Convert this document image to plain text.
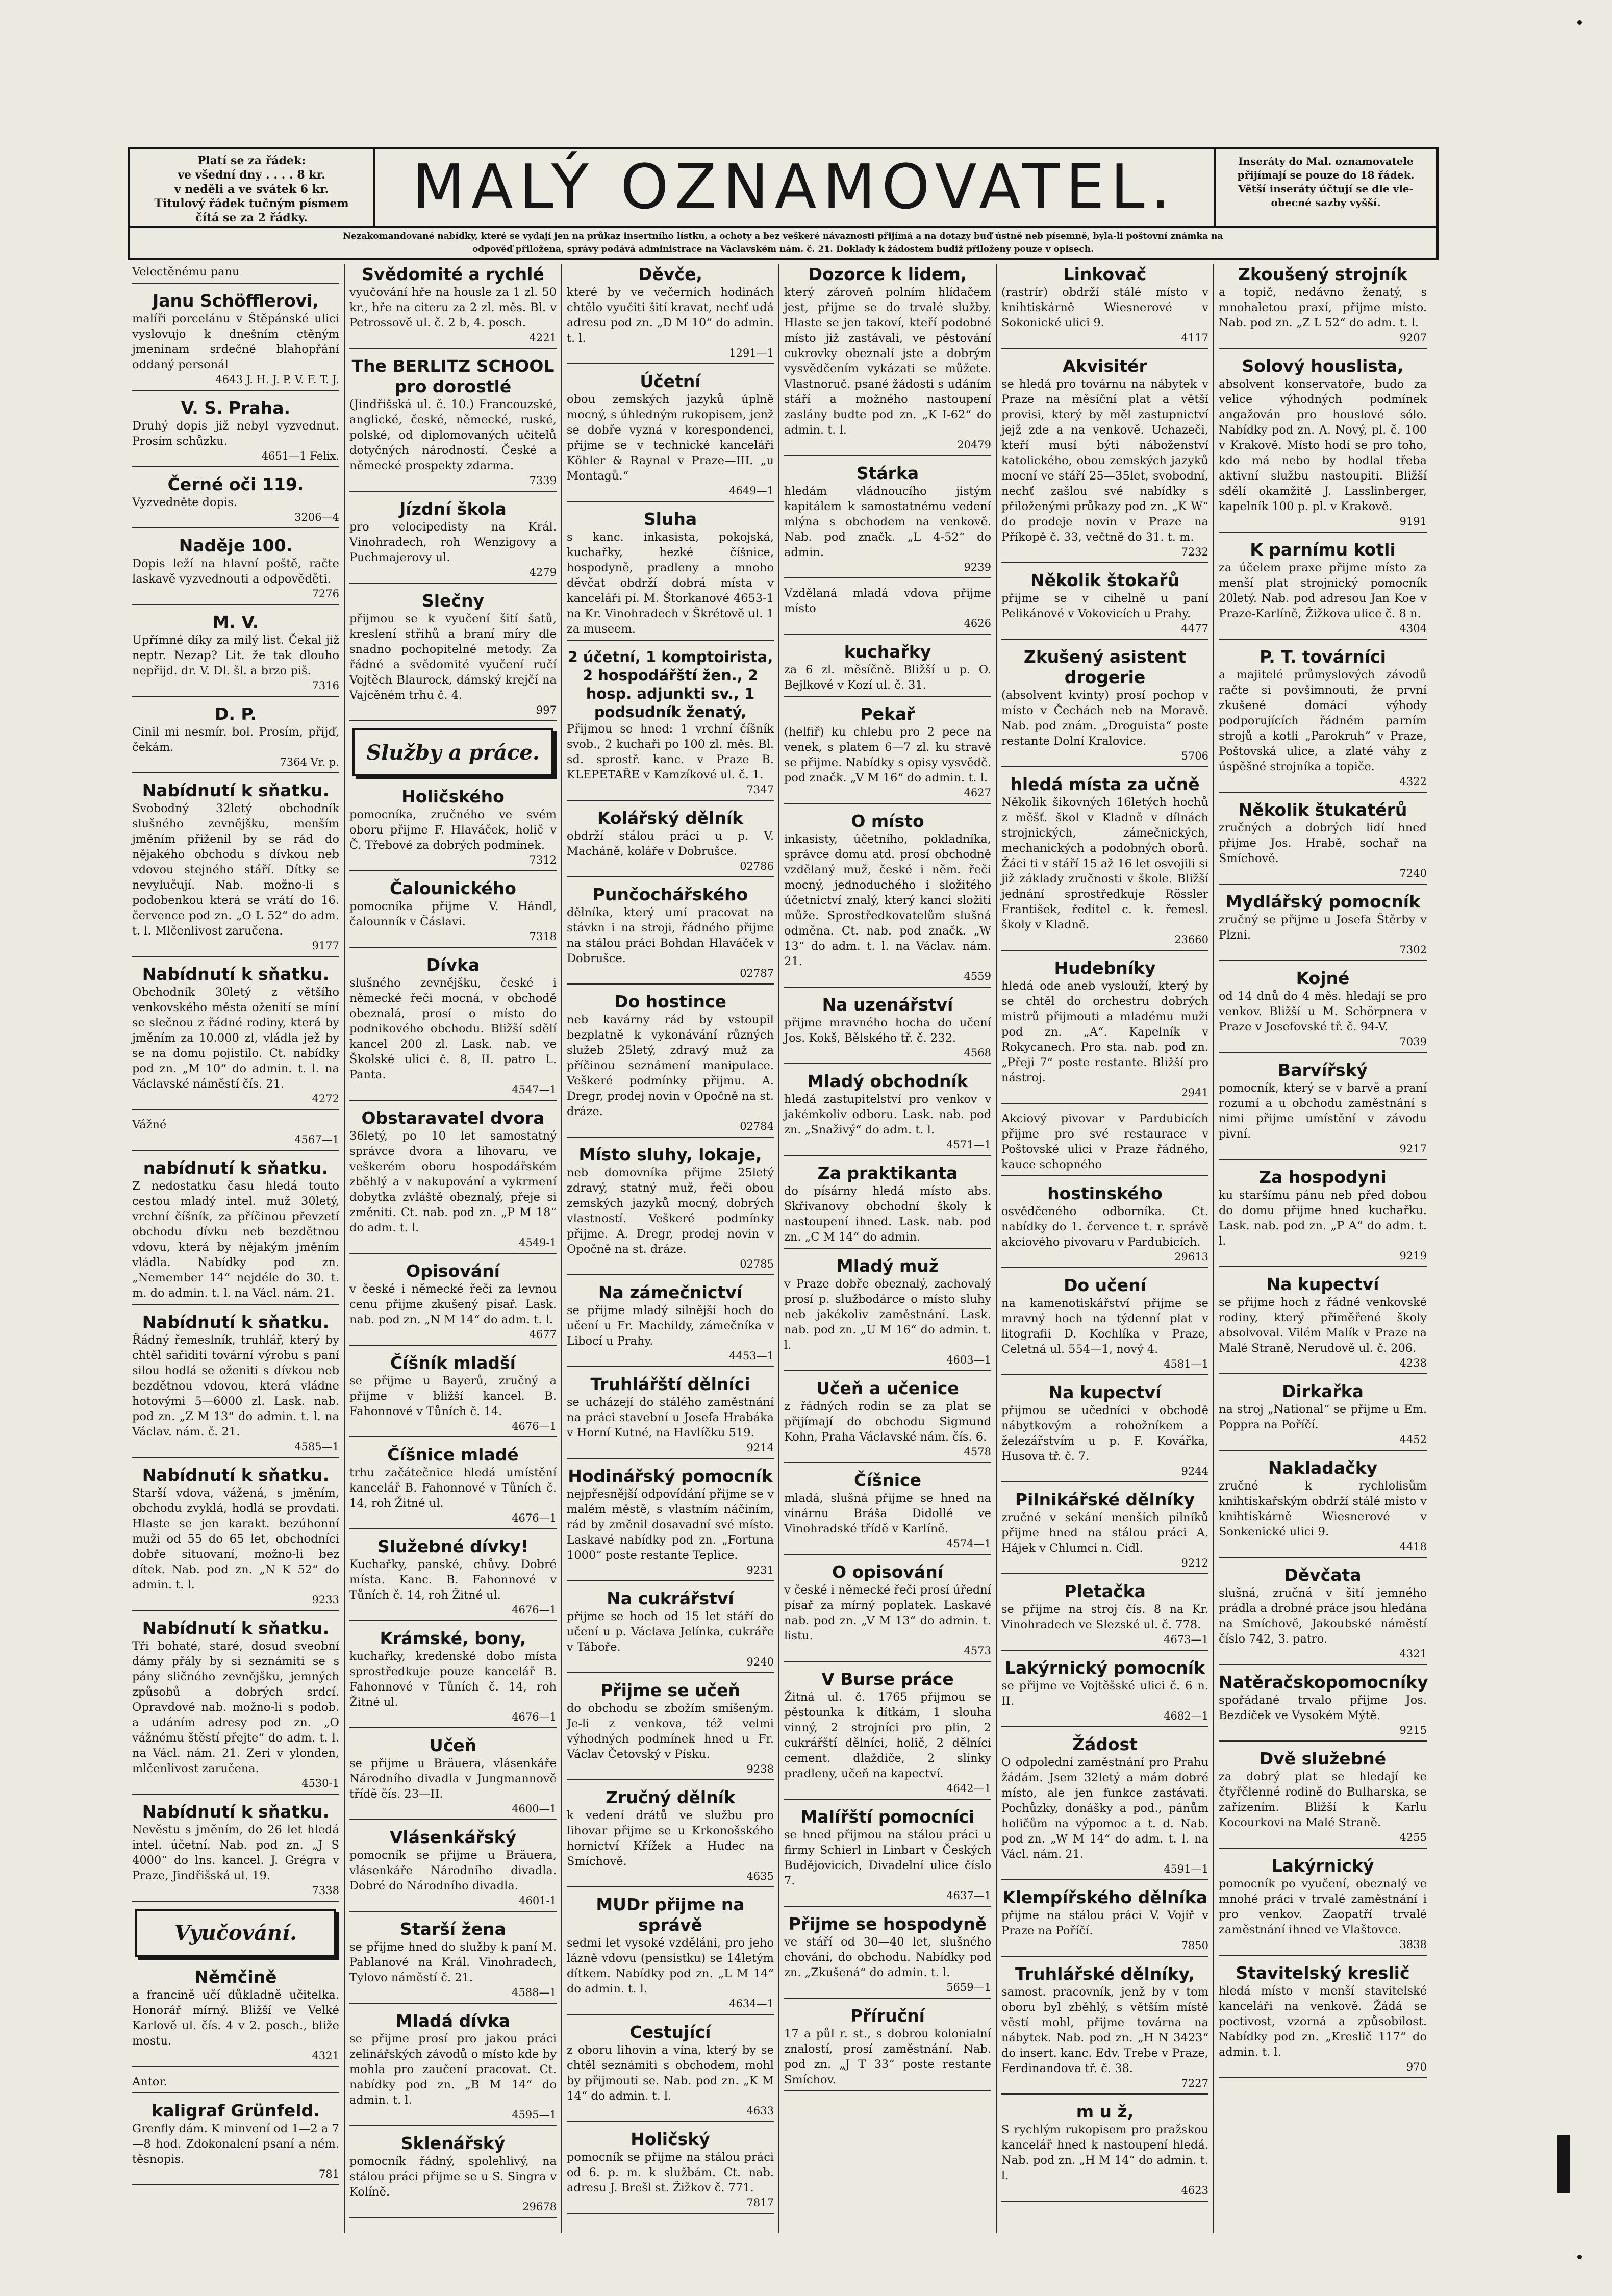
Platí se za řádek:
ve všední dny . . . . 8 kr.
v neděli a ve svátek 6 kr.
Titulový řádek tučným písmem
čítá se za 2 řádky.	MALÝ OZNAMOVATEL.	Inseráty do Mal. oznamovatele
přijímají se pouze do 18 řádek.
Větší inseráty účtují se dle vle-
obecné sazby vyšší.
Nezakomandované nabídky, které se vydají jen na průkaz insertního lístku, a ochoty a bez veškeré návaznosti přijímá a na dotazy buď ústně neb písemně, byla-li poštovní známka na
odpověď přiložena, správy podává administrace na Václavském nám. č. 21. Doklady k žádostem budiž přiloženy pouze v opisech.

Velectěnému panu

Janu Schöfflerovi,

malíři porcelánu v Štěpánské ulici vyslovujo k dnešním ctěným jmeninam srdečné blahopřání oddaný personál

4643 J. H. J. P. V. F. T. J.

V. S. Praha.

Druhý dopis již nebyl vyzvednut. Prosím schůzku.

4651—1 Felix.

Černé oči 119.

Vyzvedněte dopis.

3206—4

Naděje 100.

Dopis leží na hlavní poště, račte laskavě vyzvednouti a odpověděti.

7276

M. V.

Upřímné díky za milý list. Čekal již neptr. Nezap? Lit. že tak dlouho nepřijd. dr. V. Dl. šl. a brzo piš.

7316

D. P.

Cinil mi nesmír. bol. Prosím, přijď, čekám.

7364 Vr. p.

Nabídnutí k sňatku.

Svobodný 32letý obchodník slušného zevnějšku, menším jměním přiženil by se rád do nějakého obchodu s dívkou neb vdovou stejného stáří. Dítky se nevylučují. Nab. možno-li s podobenkou která se vrátí do 16. července pod zn. „O L 52“ do adm. t. l. Mlčenlivost zaručena.

9177

Nabídnutí k sňatku.

Obchodník 30letý z většího venkovského města oženití se míní se slečnou z řádné rodiny, která by jměním za 10.000 zl, vládla jež by se na domu pojistilo. Ct. nabídky pod zn. „M 10“ do admin. t. l. na Václavské náměstí čís. 21.

4272

Vážné

4567—1

nabídnutí k sňatku.

Z nedostatku času hledá touto cestou mladý intel. muž 30letý, vrchní číšník, za příčinou převzetí obchodu dívku neb bezdětnou vdovu, která by nějakým jměním vládla. Nabídky pod zn. „Nemember 14“ nejdéle do 30. t. m. do admin. t. l. na Václ. nám. 21.

Nabídnutí k sňatku.

Řádný řemeslník, truhlář, který by chtěl sařiditi tovární výrobu s paní silou hodlá se oženiti s dívkou neb bezdětnou vdovou, která vládne hotovými 5—6000 zl. Lask. nab. pod zn. „Z M 13“ do admin. t. l. na Václav. nám. č. 21.

4585—1

Nabídnutí k sňatku.

Starší vdova, vážená, s jměním, obchodu zvyklá, hodlá se provdati. Hlaste se jen karakt. bezúhonní muži od 55 do 65 let, obchodníci dobře situovaní, možno-li bez dítek. Nab. pod zn. „N K 52“ do admin. t. l.

9233

Nabídnutí k sňatku.

Tři bohaté, staré, dosud sveobní dámy přály by si seznámiti se s pány sličného zevnějšku, jemných způsobů a dobrých srdcí. Opravdové nab. možno-li s podob. a udáním adresy pod zn. „O vážnému štěstí přejte“ do adm. t. l. na Václ. nám. 21. Zeri v ylonden, mlčenlivost zaručena.

4530-1

Nabídnutí k sňatku.

Nevěstu s jměním, do 26 let hledá intel. účetní. Nab. pod zn. „J S 4000“ do lns. kancel. J. Grégra v Praze, Jindřišská ul. 19.

7338

Vyučování.
Němčině

a francině učí důkladně učitelka. Honorář mírný. Bližší ve Velké Karlově ul. čís. 4 v 2. posch., bliže mostu.

4321

Antor.

kaligraf Grünfeld.

Grenfly dám. K minvení od 1—2 a 7—8 hod. Zdokonalení psaní a ném. těsnopis.

781

Svědomité a rychlé

vyučování hře na housle za 1 zl. 50 kr., hře na citeru za 2 zl. měs. Bl. v Petrossově ul. č. 2 b, 4. posch.

4221

The BERLITZ SCHOOL pro dorostlé

(Jindřišská ul. č. 10.) Francouzské, anglické, české, německé, ruské, polské, od diplomovaných učitelů dotyčných národností. České a německé prospekty zdarma.

7339

Jízdní škola

pro velocipedisty na Král. Vinohradech, roh Wenzigovy a Puchmajerovy ul.

4279

Slečny

přijmou se k vyučení šití šatů, kreslení střihů a braní míry dle snadno pochopitelné metody. Za řádné a svědomité vyučení ručí Vojtěch Blaurock, dámský krejčí na Vajcěném trhu č. 4.

997

Služby a práce.
Holičského

pomocníka, zručného ve svém oboru přijme F. Hlaváček, holič v Č. Třebové za dobrých podmínek.

7312

Čalounického

pomocníka přijme V. Hándl, čalounník v Čáslavi.

7318

Dívka

slušného zevnějšku, české i německé řeči mocná, v obchodě obeznalá, prosí o místo do podnikového obchodu. Bližší sdělí kancel 200 zl. Lask. nab. ve Školské ulici č. 8, II. patro L. Panta.

4547—1

Obstaravatel dvora

36letý, po 10 let samostatný správce dvora a lihovaru, ve veškerém oboru hospodářském zběhlý a v nakupování a vykrmení dobytka zvláště obeznalý, přeje si změniti. Ct. nab. pod zn. „P M 18“ do adm. t. l.

4549-1

Opisování

v české i německé řeči za levnou cenu přijme zkušený písař. Lask. nab. pod zn. „N M 14“ do adm. t. l.

4677

Číšník mladší

se přijme u Bayerů, zručný a přijme v bližší kancel. B. Fahonnové v Tůních č. 14.

4676—1

Číšnice mladé

trhu začátečnice hledá umístění kancelář B. Fahonnové v Tůních č. 14, roh Žitné ul.

4676—1

Služebné dívky!

Kuchařky, panské, chůvy. Dobré místa. Kanc. B. Fahonnové v Tůních č. 14, roh Žitné ul.

4676—1

Krámské, bony,

kuchařky, kredenské dobo místa sprostředkuje pouze kancelář B. Fahonnové v Tůních č. 14, roh Žitné ul.

4676—1

Učeň

se přijme u Bräuera, vlásenkáře Národního divadla v Jungmannově třídě čís. 23—II.

4600—1

Vlásenkářský

pomocník se přijme u Bräuera, vlásenkáře Národního divadla. Dobré do Národního divadla.

4601-1

Starší žena

se přijme hned do služby k paní M. Pablanové na Král. Vinohradech, Tylovo náměstí č. 21.

4588—1

Mladá dívka

se přijme prosí pro jakou práci zelinářských závodů o místo kde by mohla pro zaučení pracovat. Ct. nabídky pod zn. „B M 14“ do admin. t. l.

4595—1

Sklenářský

pomocník řádný, spolehlivý, na stálou práci přijme se u S. Singra v Kolíně.

29678

Děvče,

které by ve večerních hodinách chtělo vyučiti šití kravat, nechť udá adresu pod zn. „D M 10“ do admin. t. l.

1291—1

Účetní

obou zemských jazyků úplně mocný, s úhledným rukopisem, jenž se dobře vyzná v korespondenci, přijme se v technické kanceláři Köhler & Raynal v Praze—III. „u Montagů.“

4649—1

Sluha

s kanc. inkasista, pokojská, kuchařky, hezké číšnice, hospodyně, pradleny a mnoho děvčat obdrží dobrá místa v kanceláři pí. M. Štorkanové 4653-1 na Kr. Vinohradech v Škrétově ul. 1 za museem.

2 účetní, 1 komptoirista, 2 hospodářští žen., 2 hosp. adjunkti sv., 1 podsudník ženatý,

Přijmou se hned: 1 vrchní číšník svob., 2 kuchaři po 100 zl. měs. Bl. sd. sprostř. kanc. v Praze B. KLEPETAŘE v Kamzíkové ul. č. 1.

7347

Kolářský dělník

obdrží stálou práci u p. V. Macháně, koláře v Dobrušce.

02786

Punčochářského

dělníka, který umí pracovat na stávkn i na stroji, řádného přijme na stálou práci Bohdan Hlaváček v Dobrušce.

02787

Do hostince

neb kavárny rád by vstoupil bezplatně k vykonávání různých služeb 25letý, zdravý muž za příčinou seznámení manipulace. Veškeré podmínky přijmu. A. Dregr, prodej novin v Opočně na st. dráze.

02784

Místo sluhy, lokaje,

neb domovníka přijme 25letý zdravý, statný muž, řeči obou zemských jazyků mocný, dobrých vlastností. Veškeré podmínky přijme. A. Dregr, prodej novin v Opočně na st. dráze.

02785

Na zámečnictví

se přijme mladý silnější hoch do učení u Fr. Machildy, zámečníka v Libocí u Prahy.

4453—1

Truhlářští dělníci

se ucházejí do stálého zaměstnání na práci stavební u Josefa Hrabáka v Horní Kutné, na Havlíčku 519.

9214

Hodinářský pomocník

nejpřesnější odpovídání přijme se v malém městě, s vlastním náčiním, rád by změnil dosavadní své místo. Laskavé nabídky pod zn. „Fortuna 1000“ poste restante Teplice.

9231

Na cukrářství

přijme se hoch od 15 let stáří do učení u p. Václava Jelínka, cukráře v Táboře.

9240

Přijme se učeň

do obchodu se zbožím smíšeným. Je-li z venkova, též velmi výhodných podmínek hned u Fr. Václav Četovský v Písku.

9238

Zručný dělník

k vedení drátů ve službu pro lihovar přijme se u Krkonošského hornictví Křížek a Hudec na Smíchově.

4635

MUDr přijme na správě

sedmi let vysoké vzděláni, pro jeho lázně vdovu (pensistku) se 14letým dítkem. Nabídky pod zn. „L M 14“ do admin. t. l.

4634—1

Cestující

z oboru lihovin a vína, který by se chtěl seznámiti s obchodem, mohl by přijmouti se. Nab. pod zn. „K M 14“ do admin. t. l.

4633

Holičský

pomocník se přijme na stálou práci od 6. p. m. k službám. Ct. nab. adresu J. Brešl st. Žižkov č. 771.

7817

Dozorce k lidem,

který zároveň polním hlídačem jest, přijme se do trvalé služby. Hlaste se jen takoví, kteří podobné místo již zastávali, ve pěstování cukrovky obeznalí jste a dobrým vysvědčením vykázati se můžete. Vlastnoruč. psané žádosti s udáním stáří a možného nastoupení zaslány budte pod zn. „K I-62“ do admin. t. l.

20479

Stárka

hledám vládnoucího jistým kapitálem k samostatnému vedení mlýna s obchodem na venkově. Nab. pod značk. „L 4-52“ do admin.

9239

Vzdělaná mladá vdova přijme místo

4626

kuchařky

za 6 zl. měsíčně. Bližší u p. O. Bejlkové v Kozí ul. č. 31.

Pekař

(helfiř) ku chlebu pro 2 pece na venek, s platem 6—7 zl. ku stravě se přijme. Nabídky s opisy vysvědč. pod značk. „V M 16“ do admin. t. l.

4627

O místo

inkasisty, účetního, pokladníka, správce domu atd. prosí obchodně vzdělaný muž, české i něm. řeči mocný, jednoduchého i složitého účetnictví znalý, který kanci složiti může. Sprostředkovatelům slušná odměna. Ct. nab. pod značk. „W 13“ do adm. t. l. na Václav. nám. 21.

4559

Na uzenářství

přijme mravného hocha do učení Jos. Kokš, Bělského tř. č. 232.

4568

Mladý obchodník

hledá zastupitelství pro venkov v jakémkoliv odboru. Lask. nab. pod zn. „Snaživý“ do adm. t. l.

4571—1

Za praktikanta

do písárny hledá místo abs. Skřivanovy obchodní školy k nastoupení ihned. Lask. nab. pod zn. „C M 14“ do admin.

Mladý muž

v Praze dobře obeznalý, zachovalý prosí p. službodárce o místo sluhy neb jakékoliv zaměstnání. Lask. nab. pod zn. „U M 16“ do admin. t. l.

4603—1

Učeň a učenice

z řádných rodin se za plat se přijímají do obchodu Sigmund Kohn, Praha Václavské nám. čís. 6.

4578

Číšnice

mladá, slušná přijme se hned na vinárnu Bráša Didollé ve Vinohradské třídě v Karlíně.

4574—1

O opisování

v české i německé řeči prosí úřední písař za mírný poplatek. Laskavé nab. pod zn. „V M 13“ do admin. t. listu.

4573

V Burse práce

Žitná ul. č. 1765 přijmou se pěstounka k dítkám, 1 slouha vinný, 2 strojníci pro plin, 2 cukrářští dělníci, holič, 2 dělníci cement. dlaždiče, 2 slinky pradleny, učeň na kapectví.

4642—1

Malířští pomocníci

se hned přijmou na stálou práci u firmy Schierl in Linbart v Českých Budějovicích, Divadelní ulice číslo 7.

4637—1

Přijme se hospodyně

ve stáří od 30—40 let, slušného chování, do obchodu. Nabídky pod zn. „Zkušená“ do admin. t. l.

5659—1

Příruční

17 a půl r. st., s dobrou kolonialní znalostí, prosí zaměstnání. Nab. pod zn. „J T 33“ poste restante Smíchov.

Linkovač

(rastrír) obdrží stálé místo v knihtiskárně Wiesnerové v Sokonické ulici 9.

4117

Akvisitér

se hledá pro továrnu na nábytek v Praze na měsíční plat a větší provisi, který by měl zastupnictví jejž zde a na venkově. Uchazeči, kteří musí býti náboženství katolického, obou zemských jazyků mocní ve stáří 25—35let, svobodní, nechť zašlou své nabídky s přiloženými průkazy pod zn. „K W“ do prodeje novin v Praze na Příkopě č. 33, večtně do 31. t. m.

7232

Několik štokařů

přijme se v cihelně u paní Pelikánové v Vokovicích u Prahy.

4477

Zkušený asistent drogerie

(absolvent kvinty) prosí pochop v místo v Čechách neb na Moravě. Nab. pod znám. „Droguista“ poste restante Dolní Kralovice.

5706

hledá místa za učně

Několik šikovných 16letých hochů z měšť. škol v Kladně v dílnách strojnických, zámečnických, mechanických a podobných oborů. Žáci ti v stáří 15 až 16 let osvojili si již základy zručnosti v škole. Bližší jednání sprostředkuje Rössler František, ředitel c. k. řemesl. školy v Kladně.

23660

Hudebníky

hledá ode aneb vyslouží, který by se chtěl do orchestru dobrých mistrů přijmouti a mladému muži pod zn. „A“. Kapelník v Rokycanech. Pro sta. nab. pod zn. „Přeji 7“ poste restante. Bližší pro nástroj.

2941

Akciový pivovar v Pardubicích přijme pro své restaurace v Poštovské ulici v Praze řádného, kauce schopného

hostinského

osvědčeného odborníka. Ct. nabídky do 1. července t. r. správě akciového pivovaru v Pardubicích.

29613

Do učení

na kamenotiskářství přijme se mravný hoch na týdenní plat v litografii D. Kochlíka v Praze, Celetná ul. 554—1, nový 4.

4581—1

Na kupectví

přijmou se učedníci v obchodě nábytkovým a rohožníkem a železářstvím u p. F. Kovářka, Husova tř. č. 7.

9244

Pilnikářské dělníky

zručné v sekání menších pilníků přijme hned na stálou práci A. Hájek v Chlumci n. Cidl.

9212

Pletačka

se přijme na stroj čís. 8 na Kr. Vinohradech ve Slezské ul. č. 778.

4673—1

Lakýrnický pomocník

se přijme ve Vojtěšské ulici č. 6 n. II.

4682—1

Žádost

O odpolední zaměstnání pro Prahu žádám. Jsem 32letý a mám dobré místo, ale jen funkce zastávati. Pochůzky, donášky a pod., pánům holičům na výpomoc a t. d. Nab. pod zn. „W M 14“ do adm. t. l. na Václ. nám. 21.

4591—1

Klempířského dělníka

přijme na stálou práci V. Vojíř v Praze na Poříčí.

7850

Truhlářské dělníky,

samost. pracovník, jenž by v tom oboru byl zběhlý, s větším místě věstí mohl, přijme továrna na nábytek. Nab. pod zn. „H N 3423“ do insert. kanc. Edv. Trebe v Praze, Ferdinandova tř. č. 38.

7227

m u ž,

S rychlým rukopisem pro pražskou kancelář hned k nastoupení hledá. Nab. pod zn. „H M 14“ do admin. t. l.

4623

Zkoušený strojník

a topič, nedávno ženatý, s mnohaletou praxí, přijme místo. Nab. pod zn. „Z L 52“ do adm. t. l.

9207

Solový houslista,

absolvent konservatoře, budo za velice výhodných podmínek angažován pro houslové sólo. Nabídky pod zn. A. Nový, pl. č. 100 v Krakově. Místo hodí se pro toho, kdo má nebo by hodlal třeba aktivní službu nastoupiti. Bližší sdělí okamžitě J. Lasslinberger, kapelník 100 p. pl. v Krakově.

9191

K parnímu kotli

za účelem praxe přijme místo za menší plat strojnický pomocník 20letý. Nab. pod adresou Jan Koe v Praze-Karlíně, Žižkova ulice č. 8 n.

4304

P. T. továrníci

a majitelé průmyslových závodů račte si povšimnouti, že první zkušené domácí výhody podporujících řádném parním strojů a kotli „Parokruh“ v Praze, Poštovská ulice, a zlaté váhy z úspěšné strojníka a topiče.

4322

Několik štukatérů

zručných a dobrých lidí hned přijme Jos. Hrabě, sochař na Smíchově.

7240

Mydlářský pomocník

zručný se přijme u Josefa Štěrby v Plzni.

7302

Kojné

od 14 dnů do 4 měs. hledají se pro venkov. Bližší u M. Schörpnera v Praze v Josefovské tř. č. 94-V.

7039

Barvířský

pomocník, který se v barvě a praní rozumí a u obchodu zaměstnání s nimi přijme umístění v závodu pivní.

9217

Za hospodyni

ku staršímu pánu neb před dobou do domu přijme hned kuchařku. Lask. nab. pod zn. „P A“ do adm. t. l.

9219

Na kupectví

se přijme hoch z řádné venkovské rodiny, který přiměřené školy absolvoval. Vilém Malík v Praze na Malé Straně, Nerudově ul. č. 206.

4238

Dirkařka

na stroj „National“ se přijme u Em. Poppra na Poříčí.

4452

Nakladačky

zručné k rychlolisům knihtiskařským obdrží stálé místo v knihtiskárně Wiesnerové v Sonkenické ulici 9.

4418

Děvčata

slušná, zručná v šití jemného prádla a drobné práce jsou hledána na Smíchově, Jakoubské náměstí číslo 742, 3. patro.

4321

Natěračskopomocníky

spořádané trvalo přijme Jos. Bezdíček ve Vysokém Mýtě.

9215

Dvě služebné

za dobrý plat se hledají ke čtyřčlenné rodině do Bulharska, se zařízením. Bližší k Karlu Kocourkovi na Malé Straně.

4255

Lakýrnický

pomocník po vyučení, obeznalý ve mnohé práci v trvalé zaměstnání i pro venkov. Zaopatří trvalé zaměstnání ihned ve Vlaštovce.

3838

Stavitelský kreslič

hledá místo v menší stavitelské kanceláři na venkově. Žádá se poctivost, vzorná a způsobilost. Nabídky pod zn. „Kreslič 117“ do admin. t. l.

970
